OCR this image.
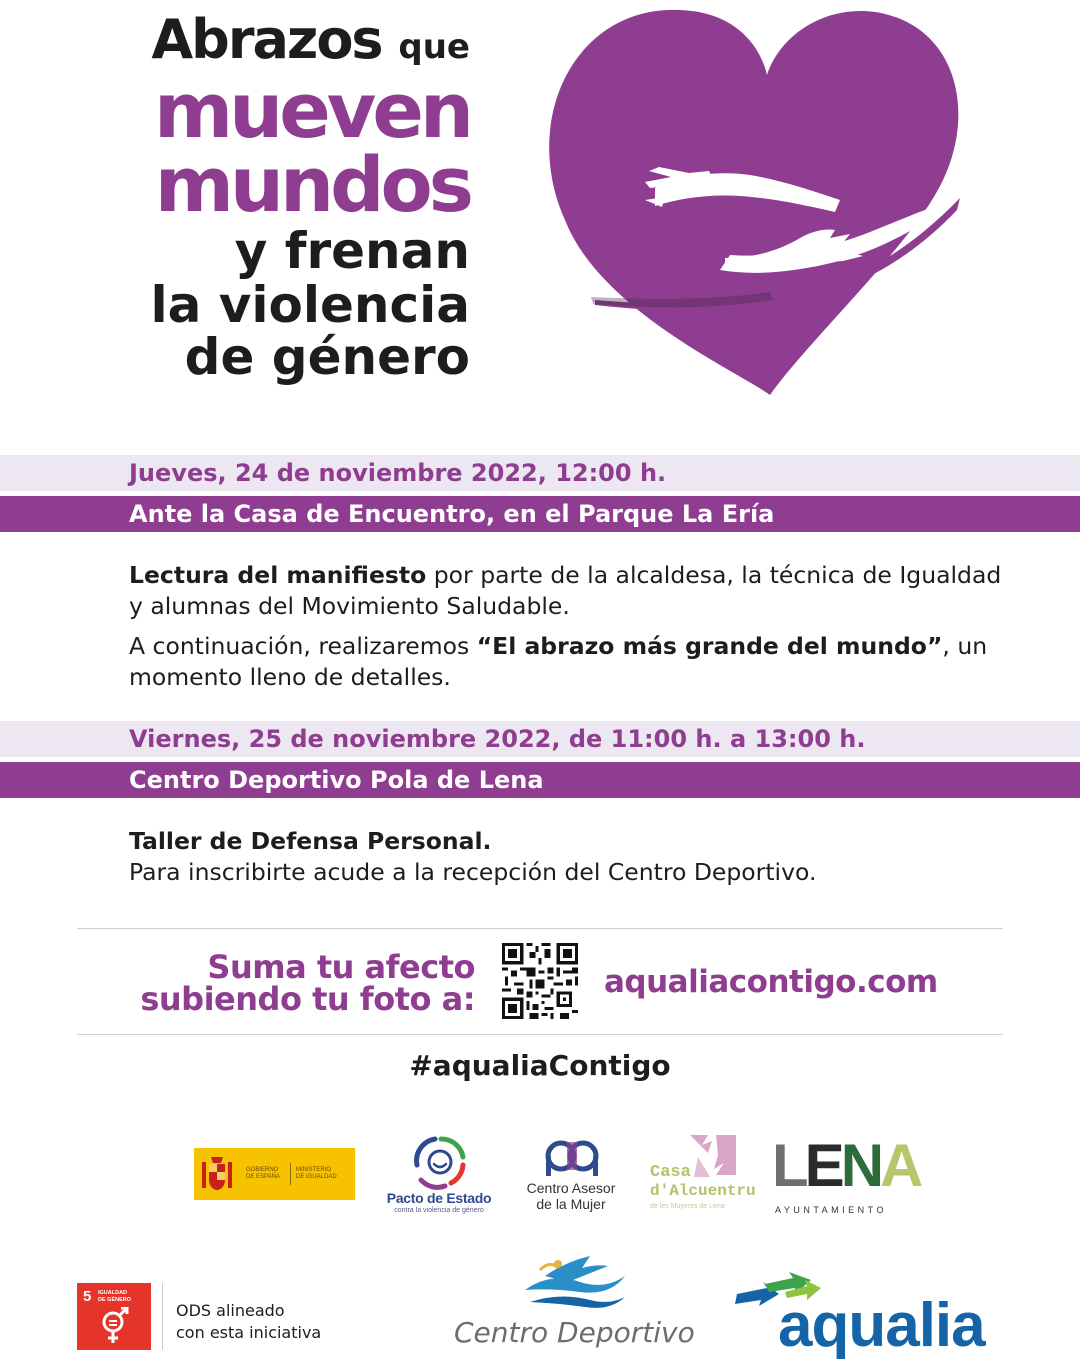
Abrazos que
mueven
mundos
y frenan
la violencia
de género
Jueves, 24 de noviembre 2022, 12:00 h.
Ante la Casa de Encuentro, en el Parque La Ería
Lectura del manifiesto por parte de la alcaldesa, la técnica de Igualdad y alumnas del Movimiento Saludable.
A continuación, realizaremos “El abrazo más grande del mundo”, un momento lleno de detalles.
Viernes, 25 de noviembre 2022, de 11:00 h. a 13:00 h.
Centro Deportivo Pola de Lena
Taller de Defensa Personal.
Para inscribirte acude a la recepción del Centro Deportivo.
Suma tu afecto
subiendo tu foto a:	aqualiacontigo.com
#aqualiaContigo
GOBIERNO
DE ESPAÑA
MINISTERIO
DE IGUALDAD
Pacto de Estado
contra la violencia de género
Centro Asesor
de la Mujer
Casa
d'Alcuentru
de les Muyeres de Lena
LENA
AYUNTAMIENTO
5 IGUALDAD
DE GÉNERO
ODS alineado
con esta iniciativa	Centro Deportivo aqualia
